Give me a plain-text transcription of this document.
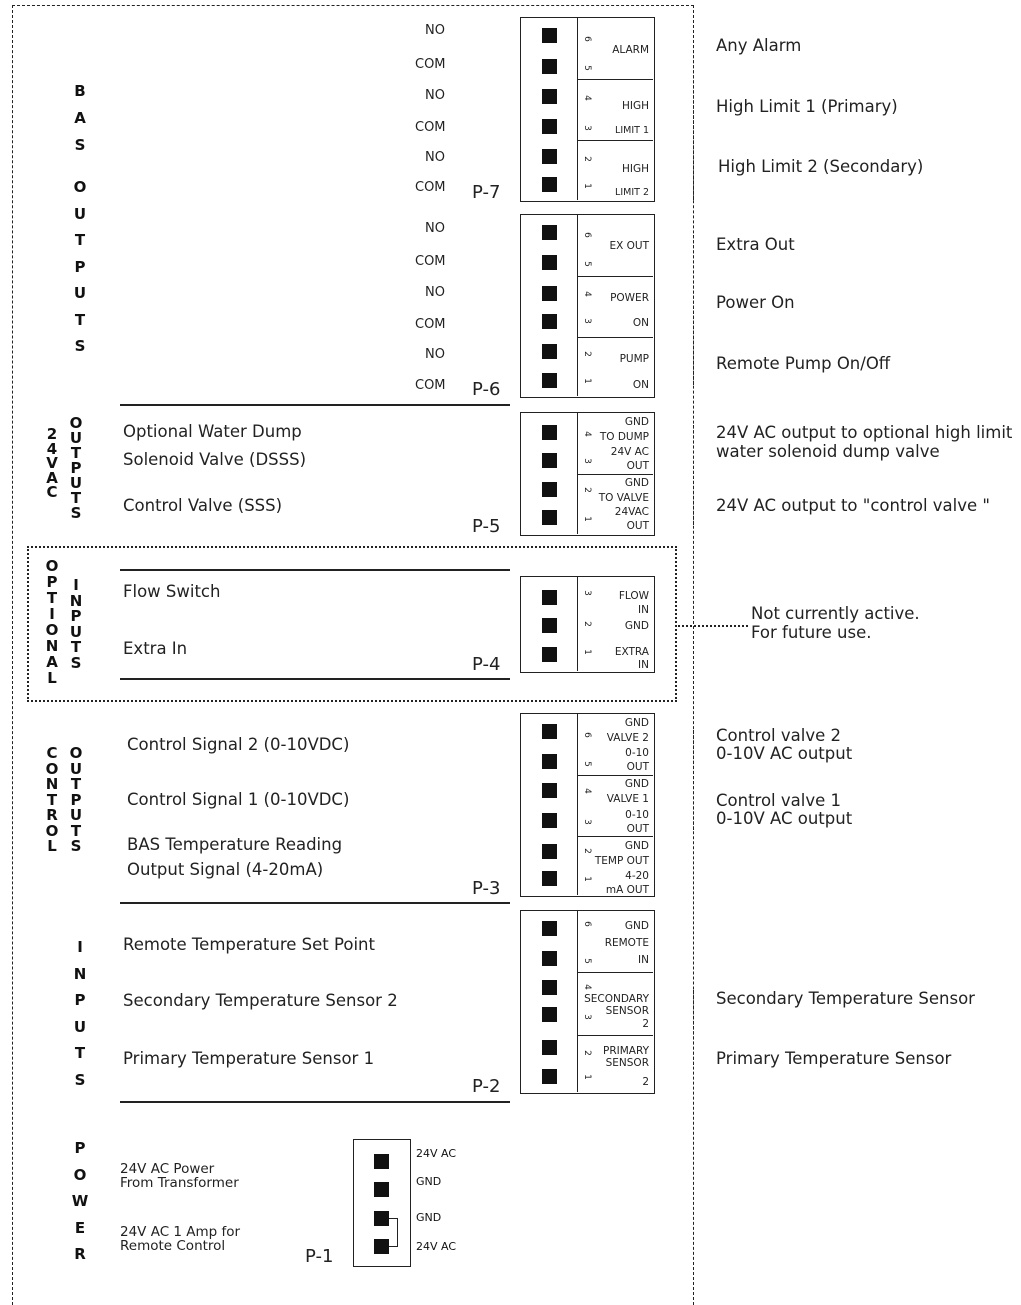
B
A
S
O
U
T
P
U
T
S
2
4
V
A
C
O
U
T
P
U
T
S
O
P
T
I
O
N
A
L
I
N
P
U
T
S
C
O
N
T
R
O
L
O
U
T
P
U
T
S
I
N
P
U
T
S
P
O
W
E
R
NO
COM
NO
COM
NO
COM
NO
COM
NO
COM
NO
COM
P-7
P-6
P-5
P-4
P-3
P-2
P-1
Optional Water Dump
Solenoid Valve (DSSS)
Control Valve (SSS)
Flow Switch
Extra In
Control Signal 2 (0-10VDC)
Control Signal 1 (0-10VDC)
BAS Temperature Reading
Output Signal (4-20mA)
Remote Temperature Set Point
Secondary Temperature Sensor 2
Primary Temperature Sensor 1
24V AC Power
From Transformer
24V AC 1 Amp for
Remote Control
6
5
4
3
2
1
ALARM
HIGH
LIMIT 1
HIGH
LIMIT 2
6
5
4
3
2
1
EX OUT
POWER
ON
PUMP
ON
4
3
2
1
GND
TO DUMP
24V AC
OUT
GND
TO VALVE
24VAC
OUT
3
2
1
FLOW
IN
GND
EXTRA
IN
6
5
4
3
2
1
GND
VALVE 2
0-10
OUT
GND
VALVE 1
0-10
OUT
GND
TEMP OUT
4-20
mA OUT
6
5
4
3
2
1
GND
REMOTE
IN
SECONDARY
SENSOR
2
PRIMARY
SENSOR
2
24V AC
GND
GND
24V AC
Any Alarm
High Limit 1 (Primary)
High Limit 2 (Secondary)
Extra Out
Power On
Remote Pump On/Off
24V AC output to optional high limit
water solenoid dump valve
24V AC output to "control valve "
Not currently active.
For future use.
Control valve 2
0-10V AC output
Control valve 1
0-10V AC output
Secondary Temperature Sensor
Primary Temperature Sensor
